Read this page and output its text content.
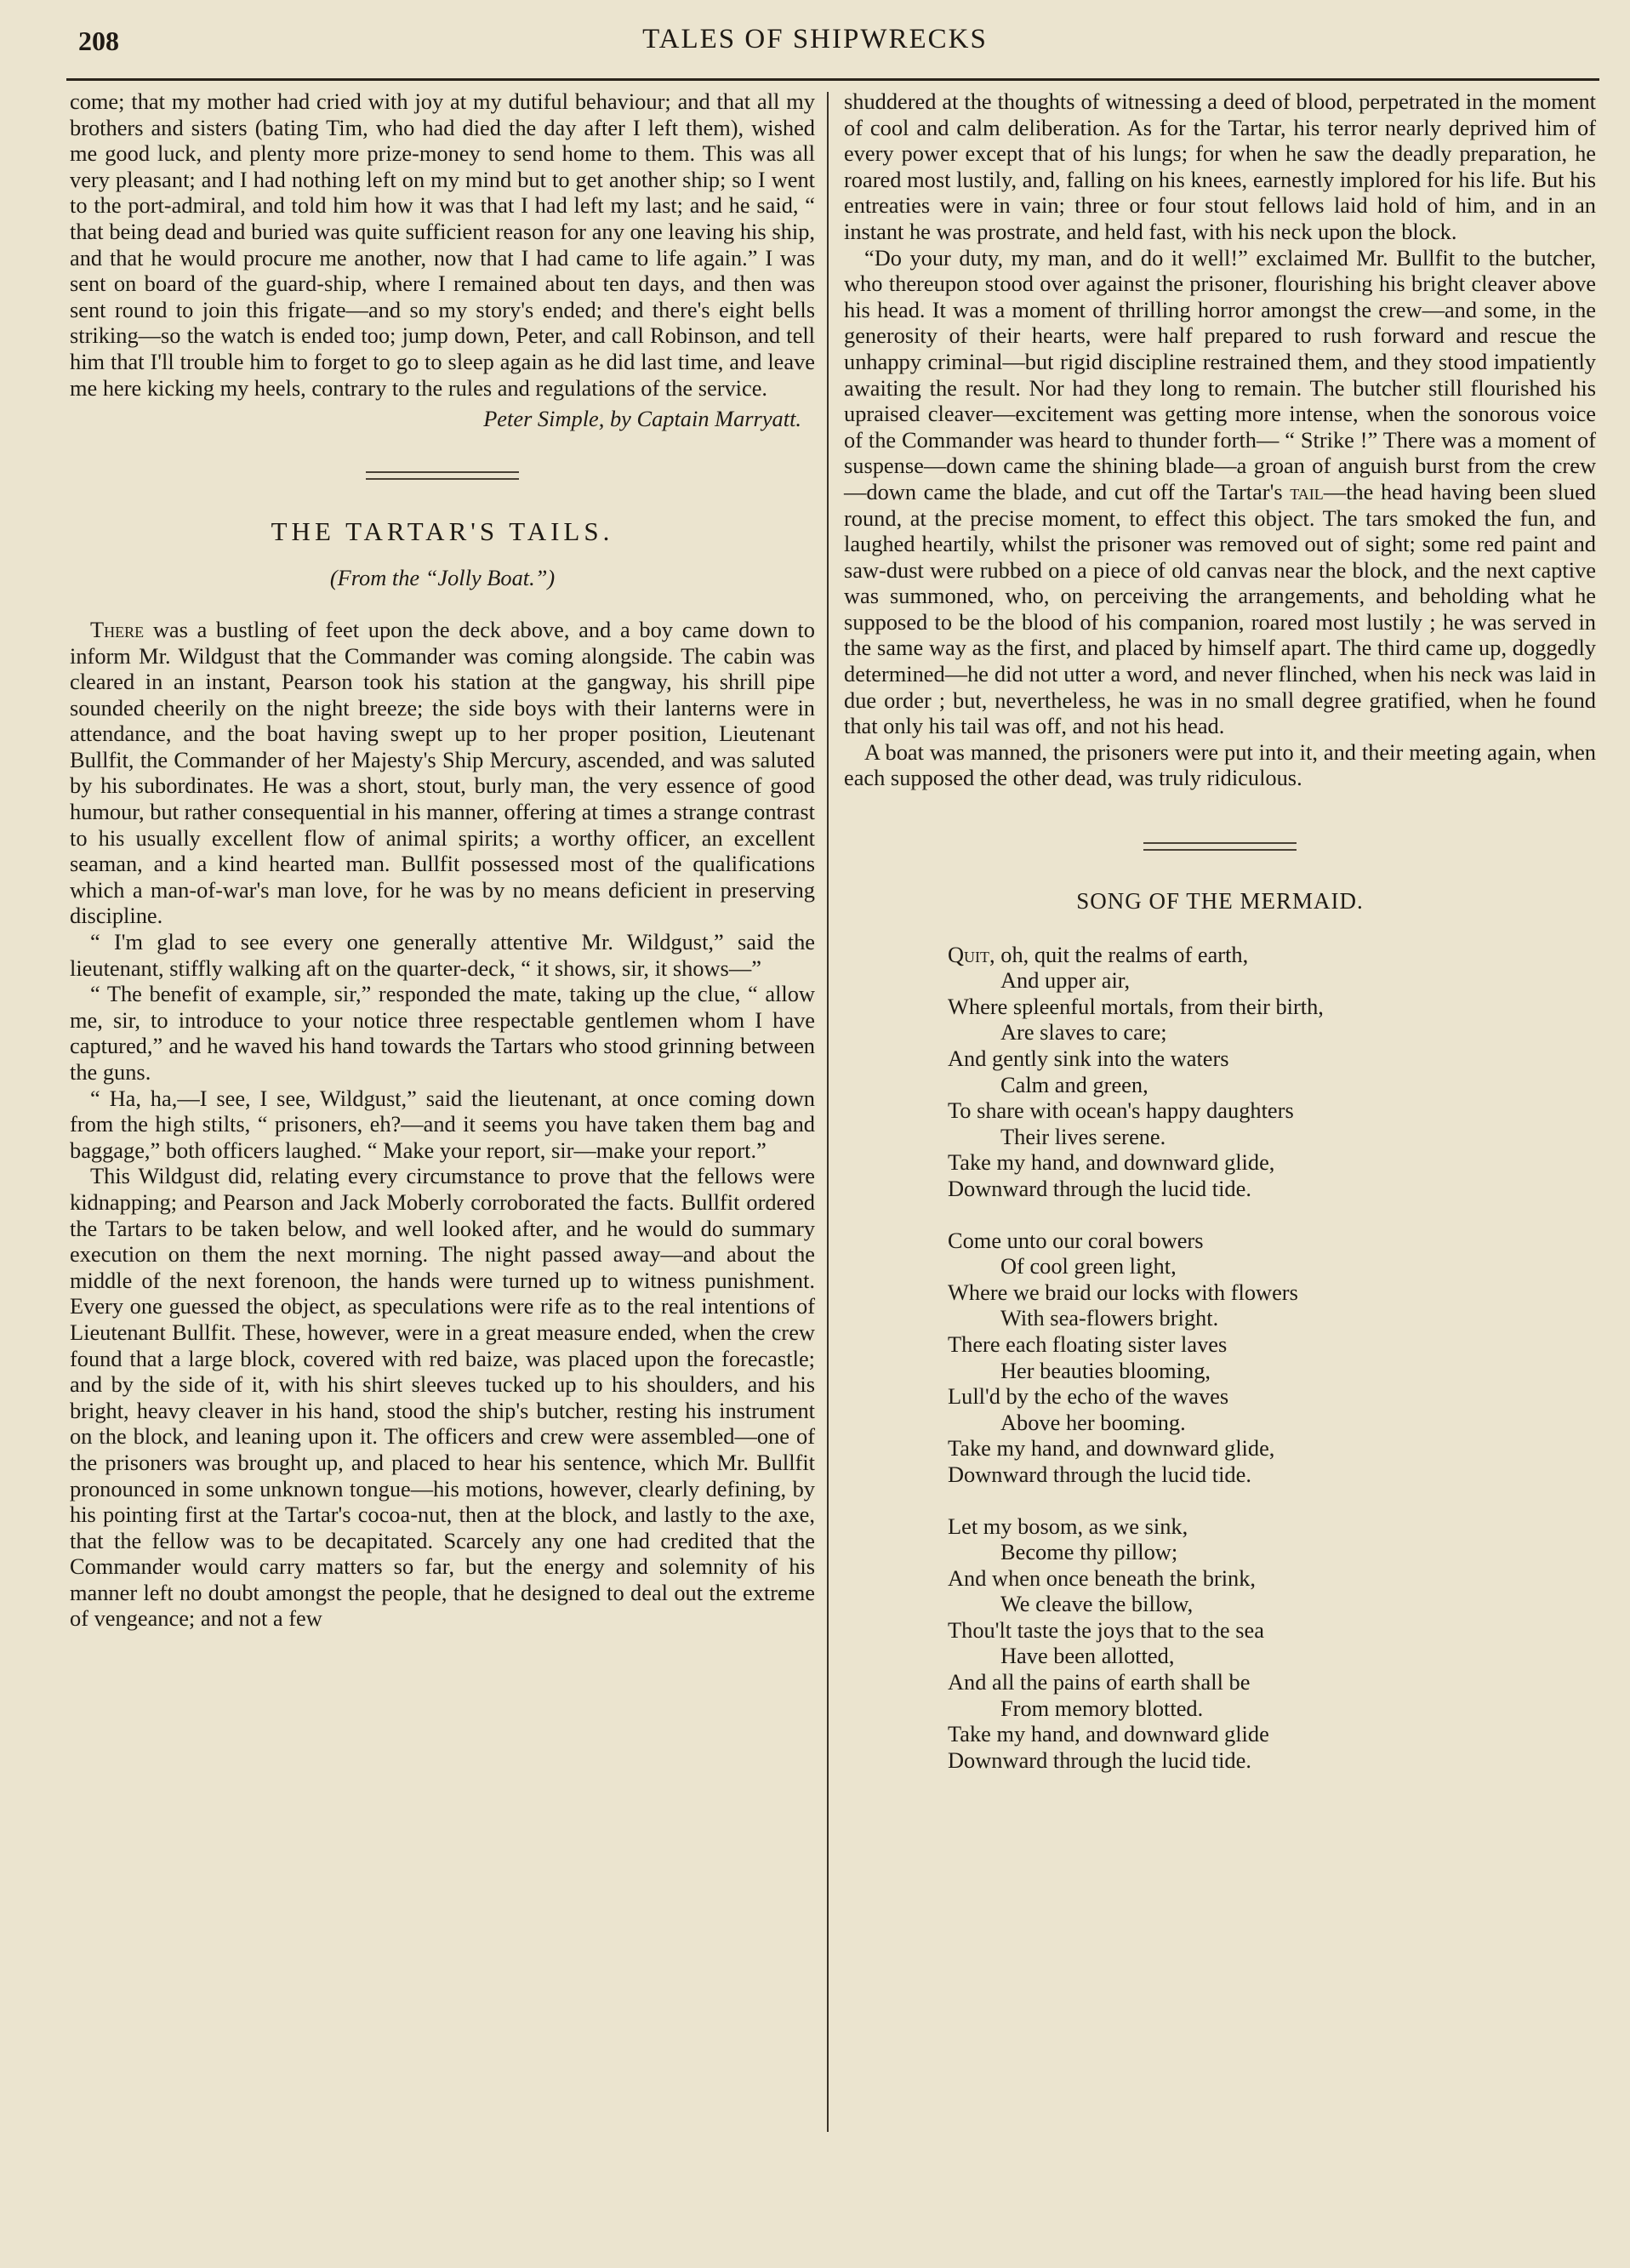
208	TALES OF SHIPWRECKS

come; that my mother had cried with joy at my dutiful behaviour; and that all my brothers and sisters (bating Tim, who had died the day after I left them), wished me good luck, and plenty more prize-money to send home to them. This was all very pleasant; and I had nothing left on my mind but to get another ship; so I went to the port-admiral, and told him how it was that I had left my last; and he said, “ that being dead and buried was quite sufficient reason for any one leaving his ship, and that he would procure me another, now that I had came to life again.” I was sent on board of the guard-ship, where I remained about ten days, and then was sent round to join this frigate—and so my story's ended; and there's eight bells striking—so the watch is ended too; jump down, Peter, and call Robinson, and tell him that I'll trouble him to forget to go to sleep again as he did last time, and leave me here kicking my heels, contrary to the rules and regulations of the service.

Peter Simple, by Captain Marryatt.
THE TARTAR'S TAILS.
(From the “Jolly Boat.”)

There was a bustling of feet upon the deck above, and a boy came down to inform Mr. Wildgust that the Commander was coming alongside. The cabin was cleared in an instant, Pearson took his station at the gangway, his shrill pipe sounded cheerily on the night breeze; the side boys with their lanterns were in attendance, and the boat having swept up to her proper position, Lieutenant Bullfit, the Commander of her Majesty's Ship Mercury, ascended, and was saluted by his subordinates. He was a short, stout, burly man, the very essence of good humour, but rather consequential in his manner, offering at times a strange contrast to his usually excellent flow of animal spirits; a worthy officer, an excellent seaman, and a kind hearted man. Bullfit possessed most of the qualifications which a man-of-war's man love, for he was by no means deficient in preserving discipline.

“ I'm glad to see every one generally attentive Mr. Wildgust,” said the lieutenant, stiffly walking aft on the quarter-deck, “ it shows, sir, it shows—”

“ The benefit of example, sir,” responded the mate, taking up the clue, “ allow me, sir, to introduce to your notice three respectable gentlemen whom I have captured,” and he waved his hand towards the Tartars who stood grinning between the guns.

“ Ha, ha,—I see, I see, Wildgust,” said the lieutenant, at once coming down from the high stilts, “ prisoners, eh?—and it seems you have taken them bag and baggage,” both officers laughed. “ Make your report, sir—make your report.”

This Wildgust did, relating every circumstance to prove that the fellows were kidnapping; and Pearson and Jack Moberly corroborated the facts. Bullfit ordered the Tartars to be taken below, and well looked after, and he would do summary execution on them the next morning. The night passed away—and about the middle of the next forenoon, the hands were turned up to witness punishment. Every one guessed the object, as speculations were rife as to the real intentions of Lieutenant Bullfit. These, however, were in a great measure ended, when the crew found that a large block, covered with red baize, was placed upon the forecastle; and by the side of it, with his shirt sleeves tucked up to his shoulders, and his bright, heavy cleaver in his hand, stood the ship's butcher, resting his instrument on the block, and leaning upon it. The officers and crew were assembled—one of the prisoners was brought up, and placed to hear his sentence, which Mr. Bullfit pronounced in some unknown tongue—his motions, however, clearly defining, by his pointing first at the Tartar's cocoa-nut, then at the block, and lastly to the axe, that the fellow was to be decapitated. Scarcely any one had credited that the Commander would carry matters so far, but the energy and solemnity of his manner left no doubt amongst the people, that he designed to deal out the extreme of vengeance; and not a few

shuddered at the thoughts of witnessing a deed of blood, perpetrated in the moment of cool and calm deliberation. As for the Tartar, his terror nearly deprived him of every power except that of his lungs; for when he saw the deadly preparation, he roared most lustily, and, falling on his knees, earnestly implored for his life. But his entreaties were in vain; three or four stout fellows laid hold of him, and in an instant he was prostrate, and held fast, with his neck upon the block.

“Do your duty, my man, and do it well!” exclaimed Mr. Bullfit to the butcher, who thereupon stood over against the prisoner, flourishing his bright cleaver above his head. It was a moment of thrilling horror amongst the crew—and some, in the generosity of their hearts, were half prepared to rush forward and rescue the unhappy criminal—but rigid discipline restrained them, and they stood impatiently awaiting the result. Nor had they long to remain. The butcher still flourished his upraised cleaver—excitement was getting more intense, when the sonorous voice of the Commander was heard to thunder forth— “ Strike !” There was a moment of suspense—down came the shining blade—a groan of anguish burst from the crew—down came the blade, and cut off the Tartar's tail—the head having been slued round, at the precise moment, to effect this object. The tars smoked the fun, and laughed heartily, whilst the prisoner was removed out of sight; some red paint and saw-dust were rubbed on a piece of old canvas near the block, and the next captive was summoned, who, on perceiving the arrangements, and beholding what he supposed to be the blood of his companion, roared most lustily ; he was served in the same way as the first, and placed by himself apart. The third came up, doggedly determined—he did not utter a word, and never flinched, when his neck was laid in due order ; but, nevertheless, he was in no small degree gratified, when he found that only his tail was off, and not his head.

A boat was manned, the prisoners were put into it, and their meeting again, when each supposed the other dead, was truly ridiculous.

SONG OF THE MERMAID.
Quit, oh, quit the realms of earth,
And upper air,
Where spleenful mortals, from their birth,
Are slaves to care;
And gently sink into the waters
Calm and green,
To share with ocean's happy daughters
Their lives serene.
Take my hand, and downward glide,
Downward through the lucid tide.
Come unto our coral bowers
Of cool green light,
Where we braid our locks with flowers
With sea-flowers bright.
There each floating sister laves
Her beauties blooming,
Lull'd by the echo of the waves
Above her booming.
Take my hand, and downward glide,
Downward through the lucid tide.
Let my bosom, as we sink,
Become thy pillow;
And when once beneath the brink,
We cleave the billow,
Thou'lt taste the joys that to the sea
Have been allotted,
And all the pains of earth shall be
From memory blotted.
Take my hand, and downward glide
Downward through the lucid tide.
